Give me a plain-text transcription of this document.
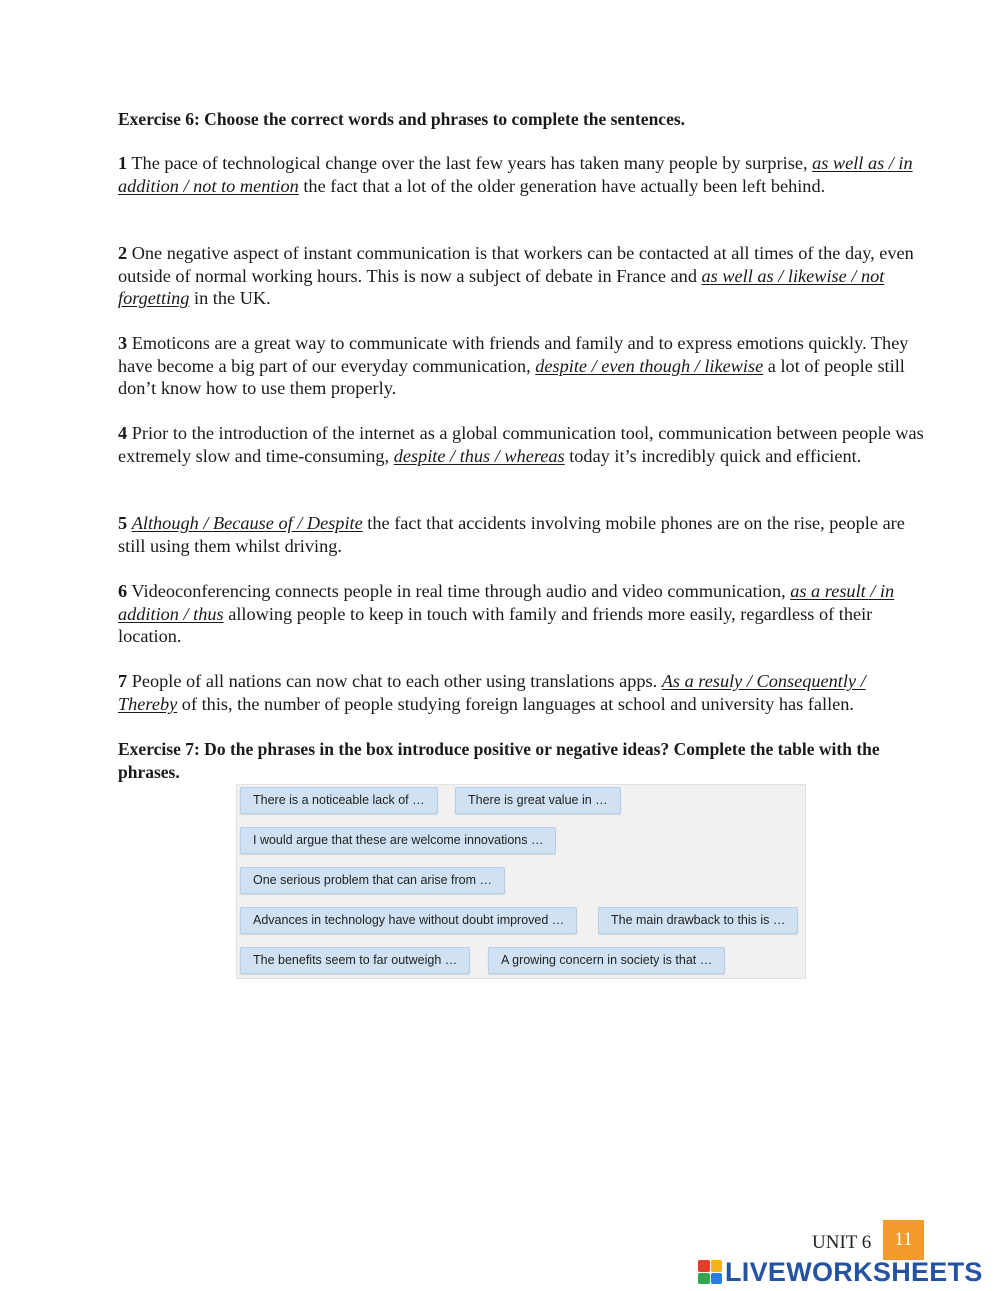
Exercise 6: Choose the correct words and phrases to complete the sentences.
1 The pace of technological change over the last few years has taken many people by surprise, as well as / in addition / not to mention the fact that a lot of the older generation have actually been left behind.
2 One negative aspect of instant communication is that workers can be contacted at all times of the day, even outside of normal working hours. This is now a subject of debate in France and as well as / likewise / not forgetting in the UK.
3 Emoticons are a great way to communicate with friends and family and to express emotions quickly. They have become a big part of our everyday communication, despite / even though / likewise a lot of people still don’t know how to use them properly.
4 Prior to the introduction of the internet as a global communication tool, communication between people was extremely slow and time-consuming, despite / thus / whereas today it’s incredibly quick and efficient.
5 Although / Because of / Despite the fact that accidents involving mobile phones are on the rise, people are still using them whilst driving.
6 Videoconferencing connects people in real time through audio and video communication, as a result / in addition / thus allowing people to keep in touch with family and friends more easily, regardless of their location.
7 People of all nations can now chat to each other using translations apps. As a resuly / Consequently / Thereby of this, the number of people studying foreign languages at school and university has fallen.
Exercise 7: Do the phrases in the box introduce positive or negative ideas? Complete the table with the phrases.
There is a noticeable lack of …	There is great value in …
I would argue that these are welcome innovations …
One serious problem that can arise from …
Advances in technology have without doubt improved …	The main drawback to this is …
The benefits seem to far outweigh …	A growing concern in society is that …
UNIT 6	11
LIVEWORKSHEETS
